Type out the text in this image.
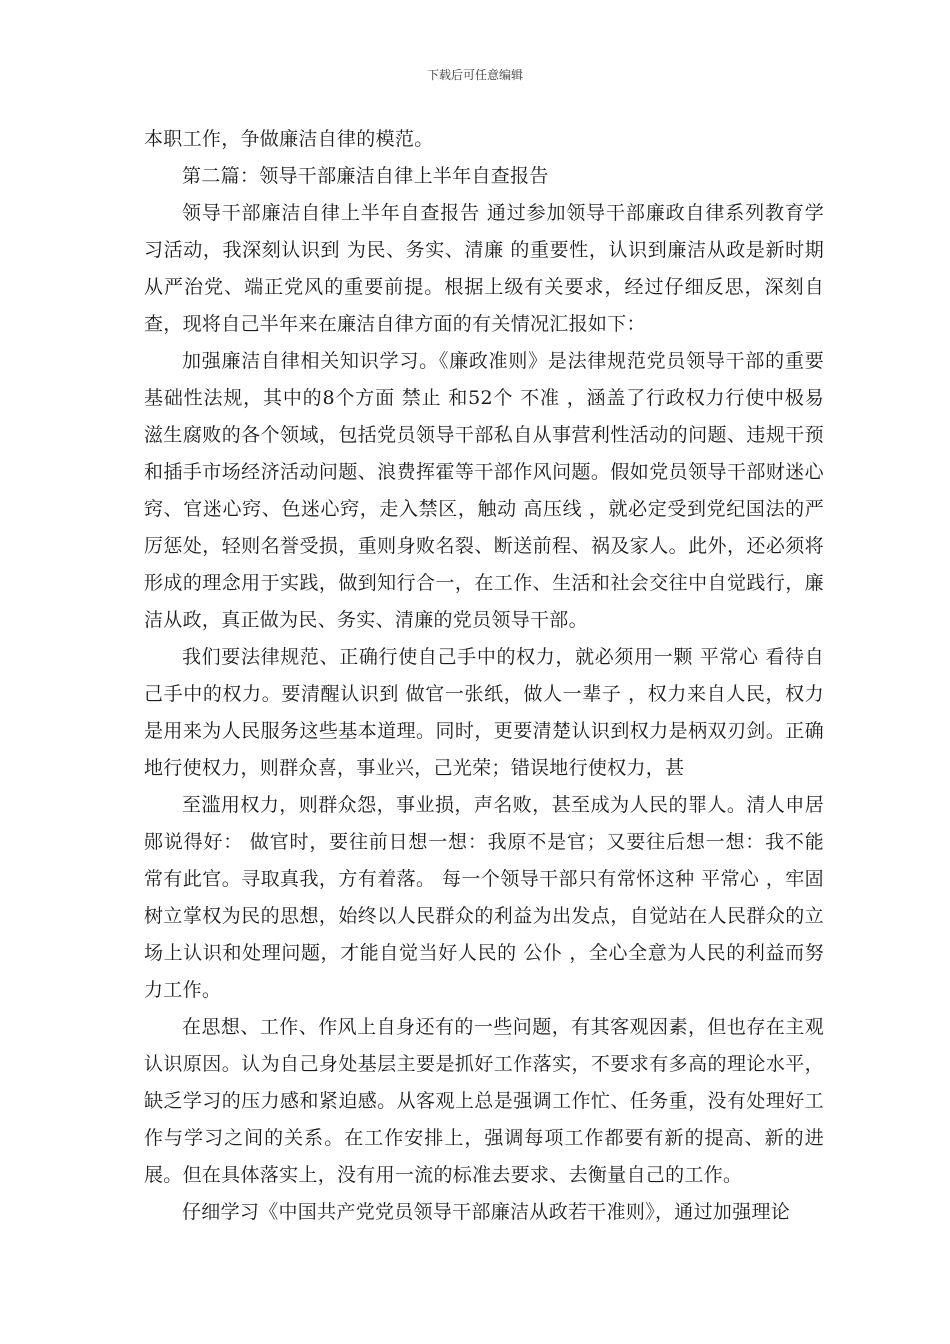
下载后可任意编辑

本职工作，争做廉洁自律的模范。

第二篇：领导干部廉洁自律上半年自查报告

领导干部廉洁自律上半年自查报告 通过参加领导干部廉政自律系列教育学习活动，我深刻认识到 为民、务实、清廉 的重要性，认识到廉洁从政是新时期从严治党、端正党风的重要前提。根据上级有关要求，经过仔细反思，深刻自查，现将自己半年来在廉洁自律方面的有关情况汇报如下：

加强廉洁自律相关知识学习。《廉政准则》是法律规范党员领导干部的重要基础性法规，其中的8个方面 禁止 和52个 不准 ，涵盖了行政权力行使中极易滋生腐败的各个领域，包括党员领导干部私自从事营利性活动的问题、违规干预和插手市场经济活动问题、浪费挥霍等干部作风问题。假如党员领导干部财迷心窍、官迷心窍、色迷心窍，走入禁区，触动 高压线 ，就必定受到党纪国法的严厉惩处，轻则名誉受损，重则身败名裂、断送前程、祸及家人。此外，还必须将形成的理念用于实践，做到知行合一，在工作、生活和社会交往中自觉践行，廉洁从政，真正做为民、务实、清廉的党员领导干部。

我们要法律规范、正确行使自己手中的权力，就必须用一颗 平常心 看待自己手中的权力。要清醒认识到 做官一张纸，做人一辈子 ，权力来自人民，权力是用来为人民服务这些基本道理。同时，更要清楚认识到权力是柄双刃剑。正确地行使权力，则群众喜，事业兴，己光荣；错误地行使权力，甚

至滥用权力，则群众怨，事业损，声名败，甚至成为人民的罪人。清人申居郧说得好： 做官时，要往前日想一想：我原不是官；又要往后想一想：我不能常有此官。寻取真我，方有着落。 每一个领导干部只有常怀这种 平常心 ，牢固树立掌权为民的思想，始终以人民群众的利益为出发点，自觉站在人民群众的立场上认识和处理问题，才能自觉当好人民的 公仆 ，全心全意为人民的利益而努力工作。

在思想、工作、作风上自身还有的一些问题，有其客观因素，但也存在主观认识原因。认为自己身处基层主要是抓好工作落实，不要求有多高的理论水平，缺乏学习的压力感和紧迫感。从客观上总是强调工作忙、任务重，没有处理好工作与学习之间的关系。在工作安排上，强调每项工作都要有新的提高、新的进展。但在具体落实上，没有用一流的标准去要求、去衡量自己的工作。

仔细学习《中国共产党党员领导干部廉洁从政若干准则》，通过加强理论
